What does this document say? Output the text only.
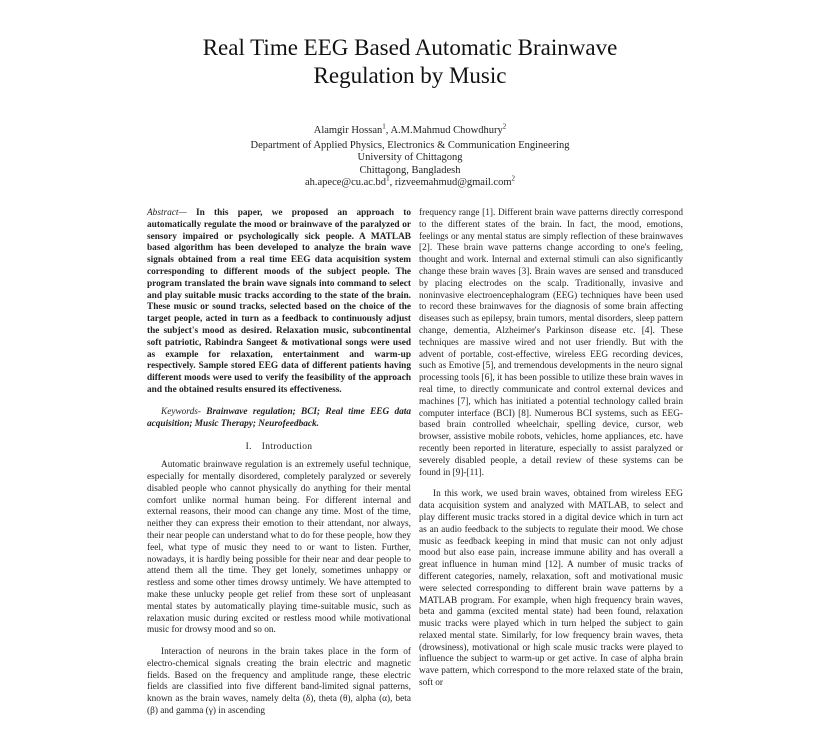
Real Time EEG Based Automatic Brainwave
Regulation by Music
Alamgir Hossan$^1$, A.M.Mahmud Chowdhury$^2$
Department of Applied Physics, Electronics & Communication Engineering
University of Chittagong
Chittagong, Bangladesh
$ah.apece@cu.ac.bd^1$, rizveemahmud@gmail.com$^2$

Abstract— In this paper, we proposed an approach to automatically regulate the mood or brainwave of the paralyzed or sensory impaired or psychologically sick people. A MATLAB based algorithm has been developed to analyze the brain wave signals obtained from a real time EEG data acquisition system corresponding to different moods of the subject people. The program translated the brain wave signals into command to select and play suitable music tracks according to the state of the brain. These music or sound tracks, selected based on the choice of the target people, acted in turn as a feedback to continuously adjust the subject's mood as desired. Relaxation music, subcontinental soft patriotic, Rabindra Sangeet & motivational songs were used as example for relaxation, entertainment and warm-up respectively. Sample stored EEG data of different patients having different moods were used to verify the feasibility of the approach and the obtained results ensured its effectiveness.

Keywords- Brainwave regulation; BCI; Real time EEG data acquisition; Music Therapy; Neurofeedback.

I. Introduction

Automatic brainwave regulation is an extremely useful technique, especially for mentally disordered, completely paralyzed or severely disabled people who cannot physically do anything for their mental comfort unlike normal human being. For different internal and external reasons, their mood can change any time. Most of the time, neither they can express their emotion to their attendant, nor always, their near people can understand what to do for these people, how they feel, what type of music they need to or want to listen. Further, nowadays, it is hardly being possible for their near and dear people to attend them all the time. They get lonely, sometimes unhappy or restless and some other times drowsy untimely. We have attempted to make these unlucky people get relief from these sort of unpleasant mental states by automatically playing time-suitable music, such as relaxation music during excited or restless mood while motivational music for drowsy mood and so on.

Interaction of neurons in the brain takes place in the form of electro-chemical signals creating the brain electric and magnetic fields. Based on the frequency and amplitude range, these electric fields are classified into five different band-limited signal patterns, known as the brain waves, namely delta (δ), theta (θ), alpha (α), beta (β) and gamma (γ) in ascending

frequency range [1]. Different brain wave patterns directly correspond to the different states of the brain. In fact, the mood, emotions, feelings or any mental status are simply reflection of these brainwaves [2]. These brain wave patterns change according to one's feeling, thought and work. Internal and external stimuli can also significantly change these brain waves [3]. Brain waves are sensed and transduced by placing electrodes on the scalp. Traditionally, invasive and noninvasive electroencephalogram (EEG) techniques have been used to record these brainwaves for the diagnosis of some brain affecting diseases such as epilepsy, brain tumors, mental disorders, sleep pattern change, dementia, Alzheimer's Parkinson disease etc. [4]. These techniques are massive wired and not user friendly. But with the advent of portable, cost-effective, wireless EEG recording devices, such as Emotive [5], and tremendous developments in the neuro signal processing tools [6], it has been possible to utilize these brain waves in real time, to directly communicate and control external devices and machines [7], which has initiated a potential technology called brain computer interface (BCI) [8]. Numerous BCI systems, such as EEG-based brain controlled wheelchair, spelling device, cursor, web browser, assistive mobile robots, vehicles, home appliances, etc. have recently been reported in literature, especially to assist paralyzed or severely disabled people, a detail review of these systems can be found in [9]-[11].

In this work, we used brain waves, obtained from wireless EEG data acquisition system and analyzed with MATLAB, to select and play different music tracks stored in a digital device which in turn act as an audio feedback to the subjects to regulate their mood. We chose music as feedback keeping in mind that music can not only adjust mood but also ease pain, increase immune ability and has overall a great influence in human mind [12]. A number of music tracks of different categories, namely, relaxation, soft and motivational music were selected corresponding to different brain wave patterns by a MATLAB program. For example, when high frequency brain waves, beta and gamma (excited mental state) had been found, relaxation music tracks were played which in turn helped the subject to gain relaxed mental state. Similarly, for low frequency brain waves, theta (drowsiness), motivational or high scale music tracks were played to influence the subject to warm-up or get active. In case of alpha brain wave pattern, which correspond to the more relaxed state of the brain, soft or
